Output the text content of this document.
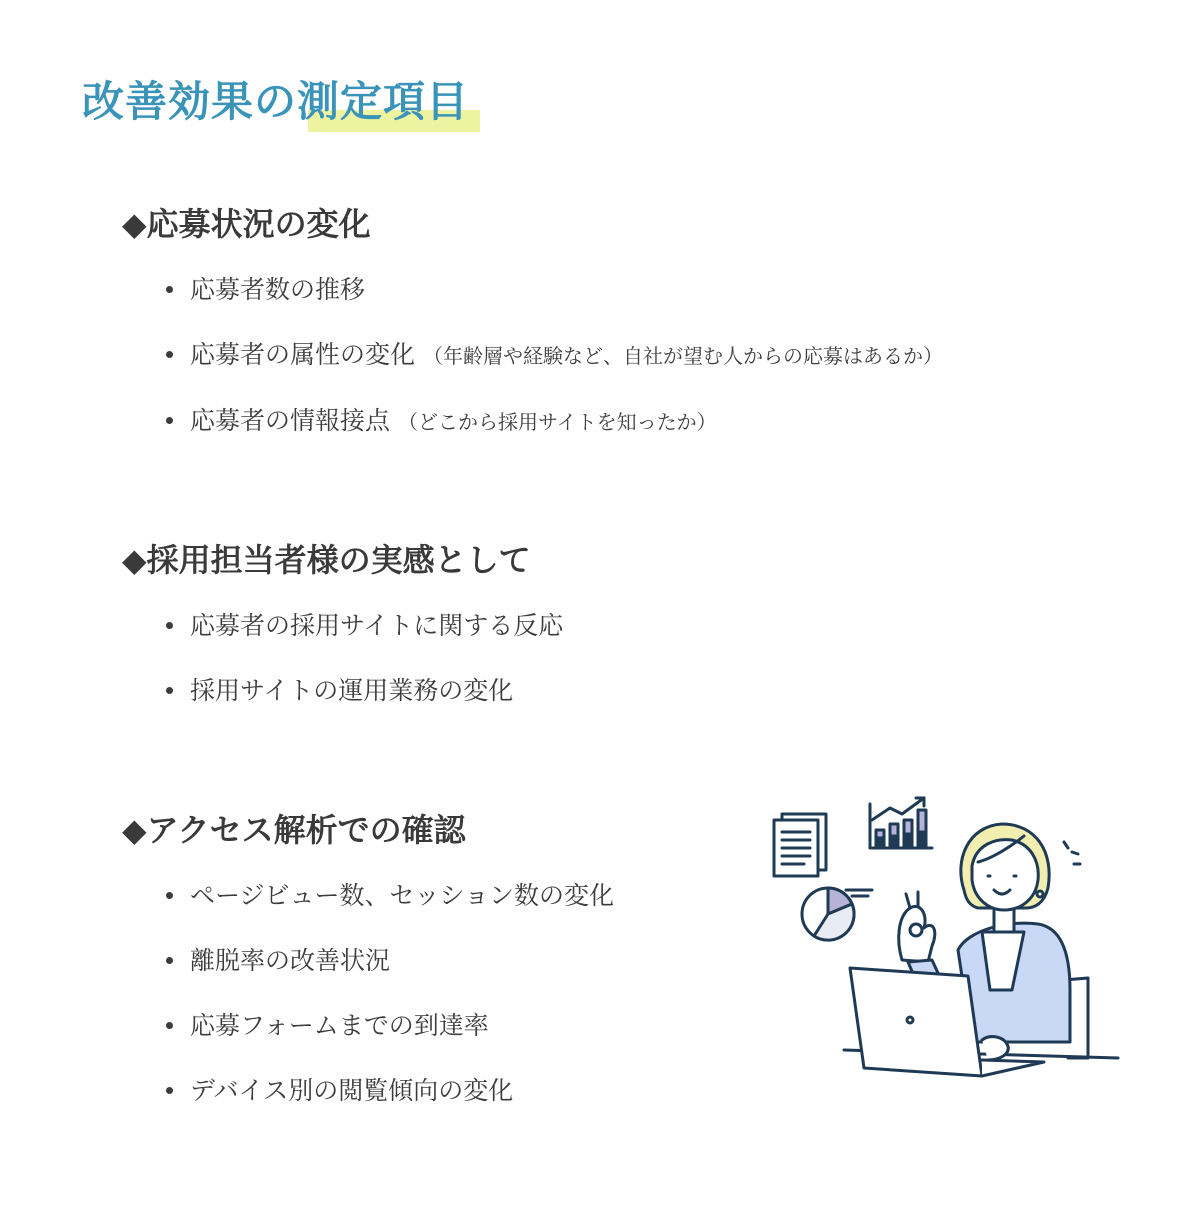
改善効果の測定項目
◆応募状況の変化
応募者数の推移
応募者の属性の変化 （年齢層や経験など、自社が望む人からの応募はあるか）
応募者の情報接点 （どこから採用サイトを知ったか）
◆採用担当者様の実感として
応募者の採用サイトに関する反応
採用サイトの運用業務の変化
◆アクセス解析での確認
ページビュー数、セッション数の変化
離脱率の改善状況
応募フォームまでの到達率
デバイス別の閲覧傾向の変化
